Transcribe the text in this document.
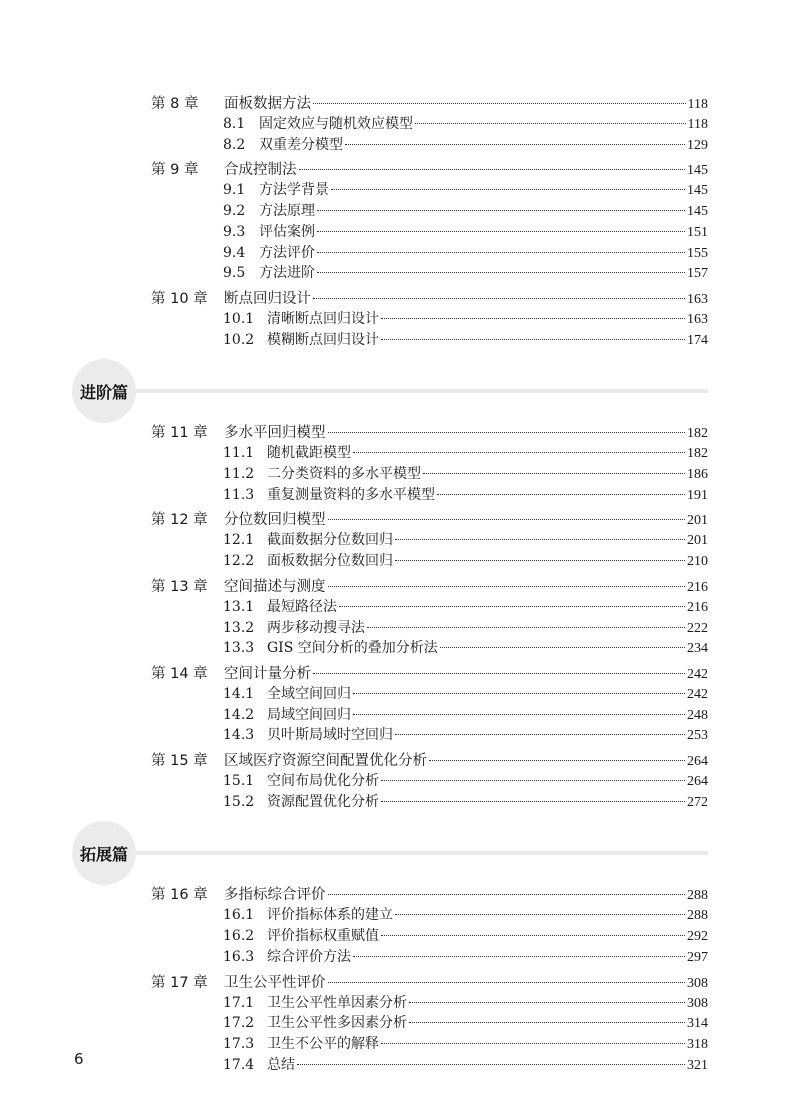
第 8 章	面板数据方法	118
8.1 固定效应与随机效应模型	118
8.2 双重差分模型	129
第 9 章	合成控制法	145
9.1 方法学背景	145
9.2 方法原理	145
9.3 评估案例	151
9.4 方法评价	155
9.5 方法进阶	157
第 10 章	断点回归设计	163
10.1 清晰断点回归设计	163
10.2 模糊断点回归设计	174
进阶篇
第 11 章	多水平回归模型	182
11.1 随机截距模型	182
11.2 二分类资料的多水平模型	186
11.3 重复测量资料的多水平模型	191
第 12 章	分位数回归模型	201
12.1 截面数据分位数回归	201
12.2 面板数据分位数回归	210
第 13 章	空间描述与测度	216
13.1 最短路径法	216
13.2 两步移动搜寻法	222
13.3 GIS 空间分析的叠加分析法	234
第 14 章	空间计量分析	242
14.1 全域空间回归	242
14.2 局域空间回归	248
14.3 贝叶斯局域时空回归	253
第 15 章	区域医疗资源空间配置优化分析	264
15.1 空间布局优化分析	264
15.2 资源配置优化分析	272
拓展篇
第 16 章	多指标综合评价	288
16.1 评价指标体系的建立	288
16.2 评价指标权重赋值	292
16.3 综合评价方法	297
第 17 章	卫生公平性评价	308
17.1 卫生公平性单因素分析	308
17.2 卫生公平性多因素分析	314
17.3 卫生不公平的解释	318
17.4 总结	321
6
